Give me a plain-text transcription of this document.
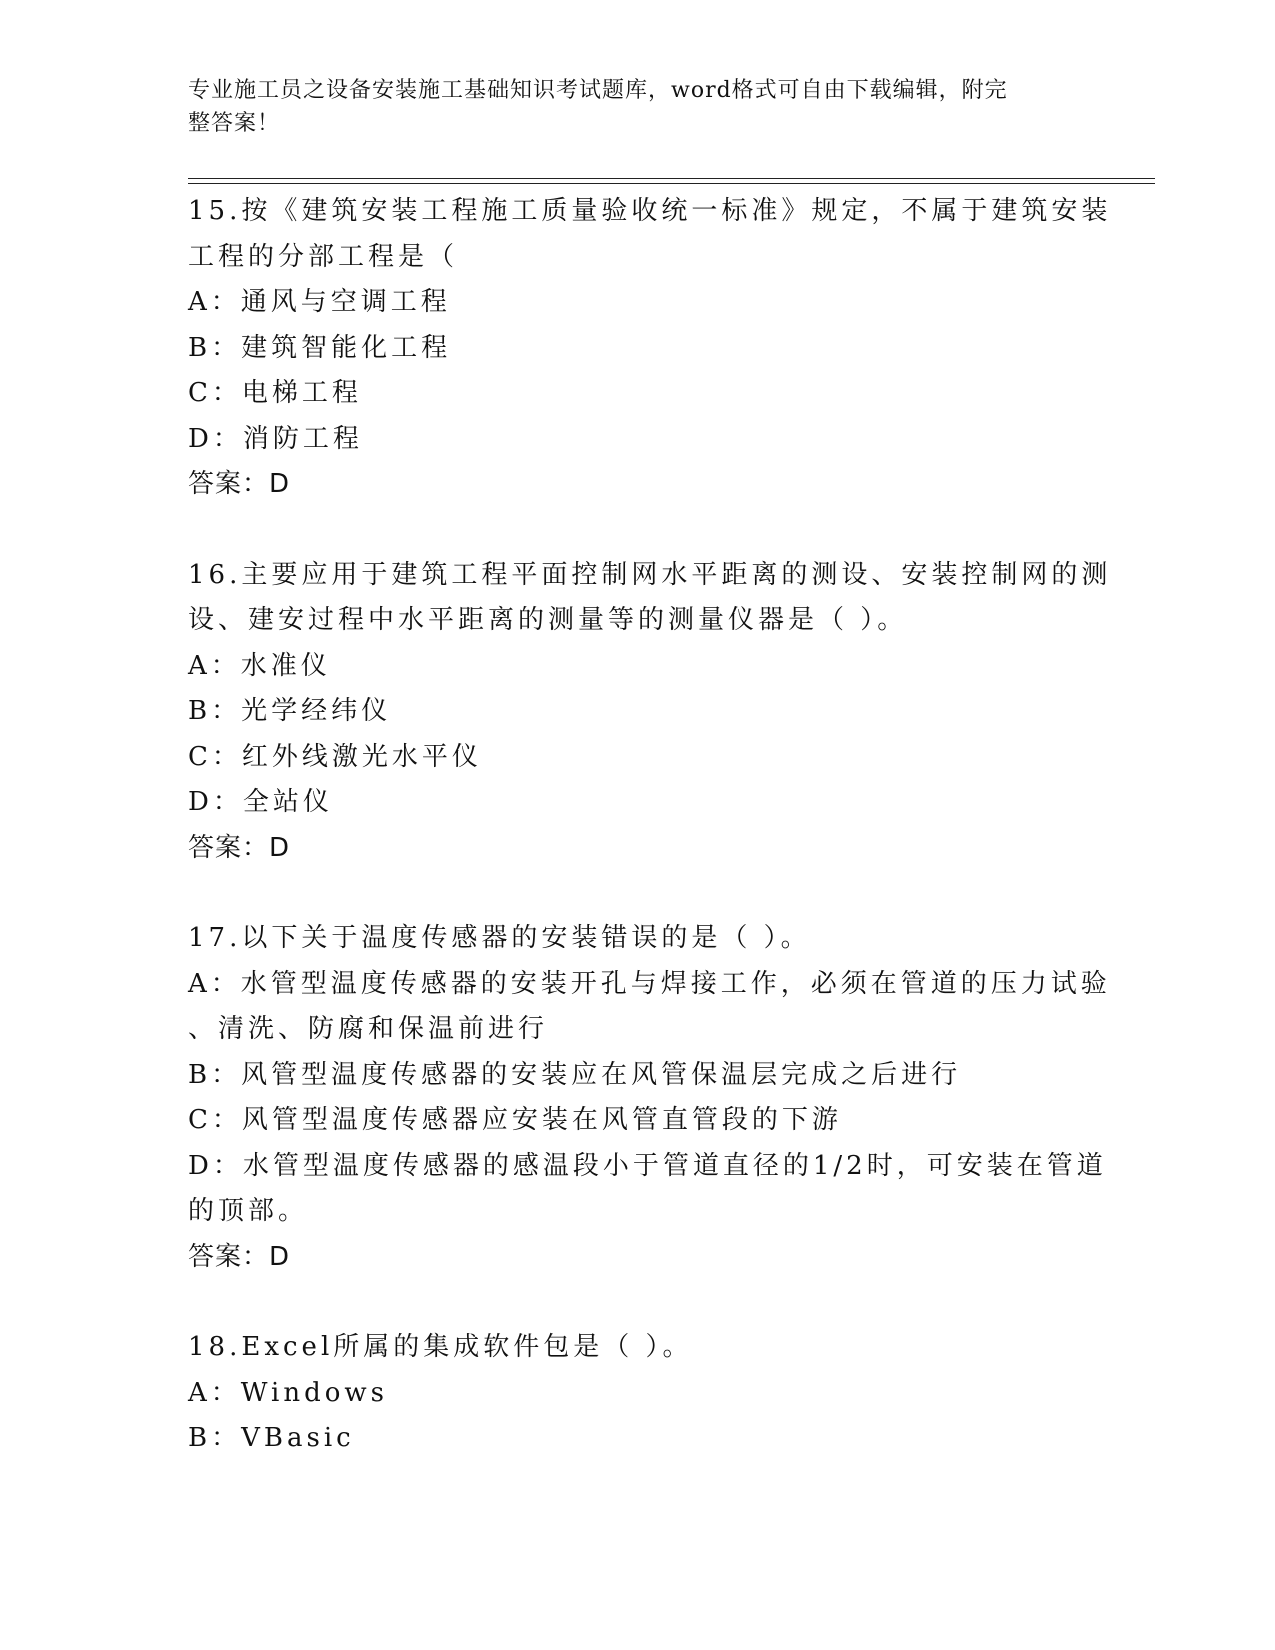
专业施工员之设备安装施工基础知识考试题库，word格式可自由下载编辑，附完
整答案！
15.按《建筑安装工程施工质量验收统一标准》规定，不属于建筑安装
工程的分部工程是（
A：通风与空调工程
B：建筑智能化工程
C：电梯工程
D：消防工程
答案：D
16.主要应用于建筑工程平面控制网水平距离的测设、安装控制网的测
设、建安过程中水平距离的测量等的测量仪器是（ ）。
A：水准仪
B：光学经纬仪
C：红外线激光水平仪
D：全站仪
答案：D
17.以下关于温度传感器的安装错误的是（ ）。
A：水管型温度传感器的安装开孔与焊接工作，必须在管道的压力试验
、清洗、防腐和保温前进行
B：风管型温度传感器的安装应在风管保温层完成之后进行
C：风管型温度传感器应安装在风管直管段的下游
D：水管型温度传感器的感温段小于管道直径的1/2时，可安装在管道
的顶部。
答案：D
18.Excel所属的集成软件包是（ ）。
A：Windows
B：VBasic
